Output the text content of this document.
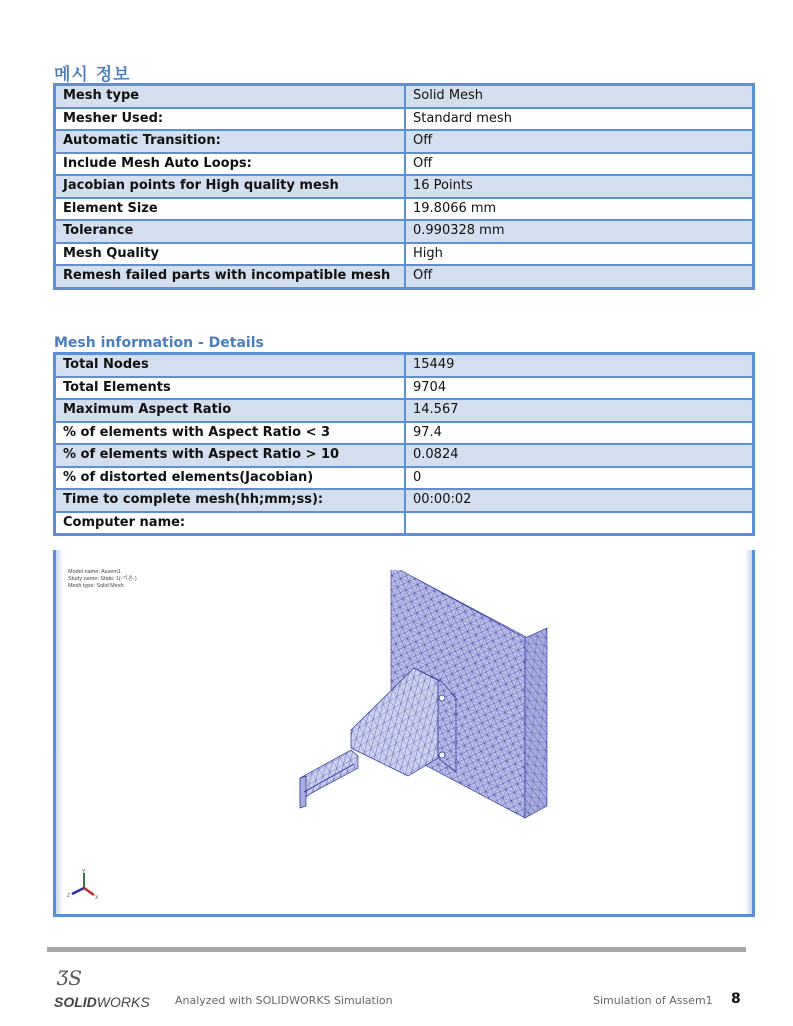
메시 정보
Mesh type	Solid Mesh
Mesher Used:	Standard mesh
Automatic Transition:	Off
Include Mesh Auto Loops:	Off
Jacobian points for High quality mesh	16 Points
Element Size	19.8066 mm
Tolerance	0.990328 mm
Mesh Quality	High
Remesh failed parts with incompatible mesh	Off
Mesh information - Details
Total Nodes	15449
Total Elements	9704
Maximum Aspect Ratio	14.567
% of elements with Aspect Ratio < 3	97.4
% of elements with Aspect Ratio > 10	0.0824
% of distorted elements(Jacobian)	0
Time to complete mesh(hh;mm;ss):	00:00:02
Computer name:	
Model name: Assem1
Study name: Static 1(-기본-)
Mesh type: Solid Mesh
Y
Z	X
ƷS
SOLIDWORKS Analyzed with SOLIDWORKS Simulation	Simulation of Assem1 8
